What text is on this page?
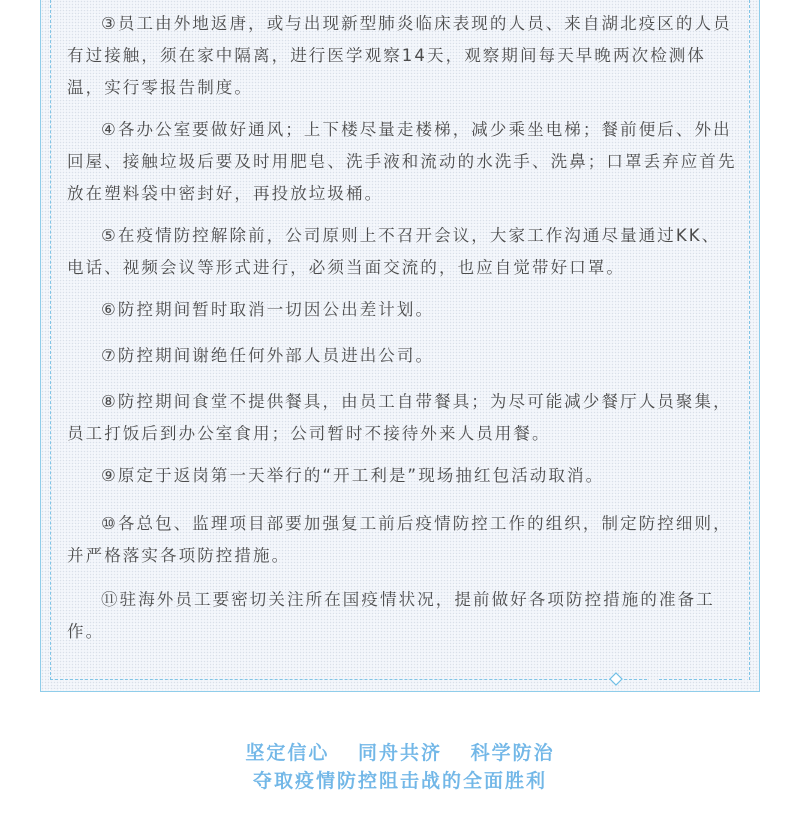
③员工由外地返唐，或与出现新型肺炎临床表现的人员、来自湖北疫区的人员有过接触，须在家中隔离，进行医学观察14天，观察期间每天早晚两次检测体温，实行零报告制度。

④各办公室要做好通风；上下楼尽量走楼梯，减少乘坐电梯；餐前便后、外出回屋、接触垃圾后要及时用肥皂、洗手液和流动的水洗手、洗鼻；口罩丢弃应首先放在塑料袋中密封好，再投放垃圾桶。

⑤在疫情防控解除前，公司原则上不召开会议，大家工作沟通尽量通过KK、电话、视频会议等形式进行，必须当面交流的，也应自觉带好口罩。

⑥防控期间暂时取消一切因公出差计划。

⑦防控期间谢绝任何外部人员进出公司。

⑧防控期间食堂不提供餐具，由员工自带餐具；为尽可能减少餐厅人员聚集，员工打饭后到办公室食用；公司暂时不接待外来人员用餐。

⑨原定于返岗第一天举行的“开工利是”现场抽红包活动取消。

⑩各总包、监理项目部要加强复工前后疫情防控工作的组织，制定防控细则，并严格落实各项防控措施。

⑪驻海外员工要密切关注所在国疫情状况，提前做好各项防控措施的准备工作。

坚定信心 同舟共济 科学防治
夺取疫情防控阻击战的全面胜利
